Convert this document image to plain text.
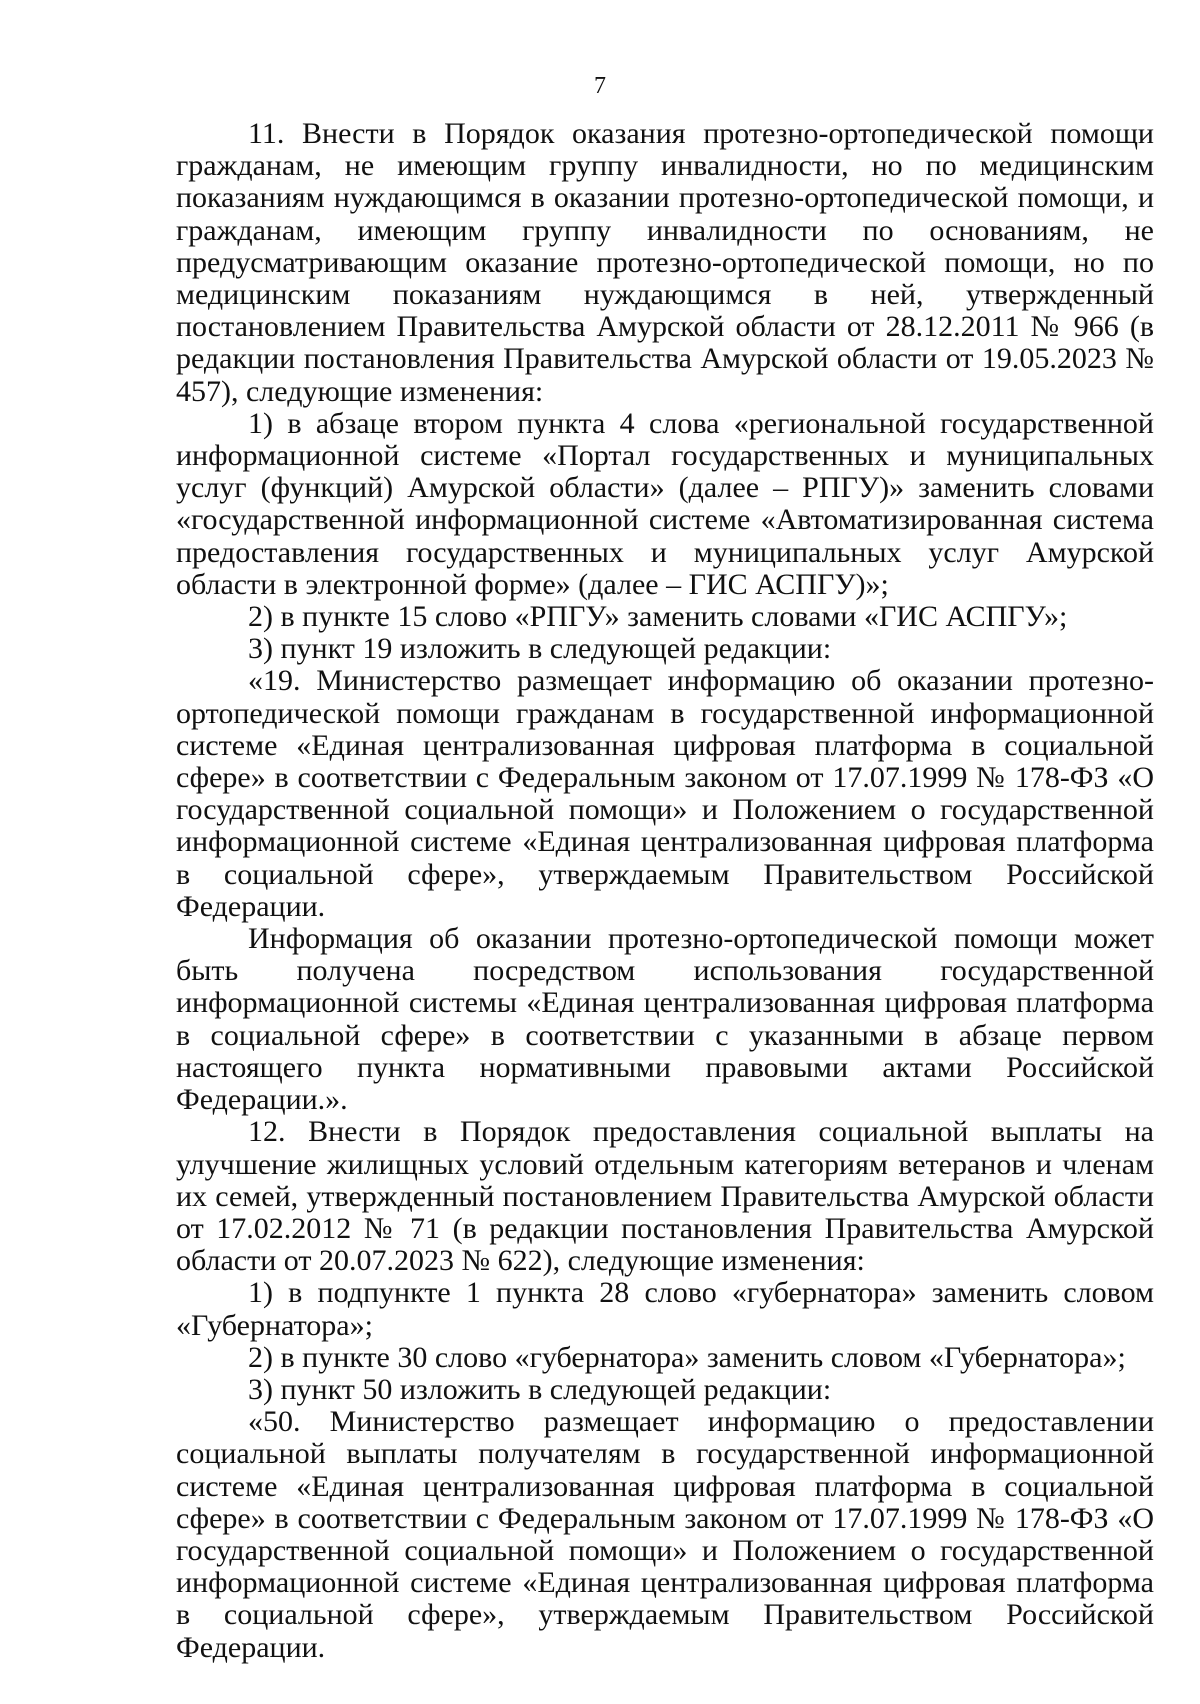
7

11. Внести в Порядок оказания протезно-ортопедической помощи гражданам, не имеющим группу инвалидности, но по медицинским показаниям нуждающимся в оказании протезно-ортопедической помощи, и гражданам, имеющим группу инвалидности по основаниям, не предусматривающим оказание протезно-ортопедической помощи, но по медицинским показаниям нуждающимся в ней, утвержденный постановлением Правительства Амурской области от 28.12.2011 № 966 (в редакции постановления Правительства Амурской области от 19.05.2023 № 457), следующие изменения:

1) в абзаце втором пункта 4 слова «региональной государственной информационной системе «Портал государственных и муниципальных услуг (функций) Амурской области» (далее – РПГУ)» заменить словами «государственной информационной системе «Автоматизированная система предоставления государственных и муниципальных услуг Амурской области в электронной форме» (далее – ГИС АСПГУ)»;

2) в пункте 15 слово «РПГУ» заменить словами «ГИС АСПГУ»;

3) пункт 19 изложить в следующей редакции:

«19. Министерство размещает информацию об оказании протезно-ортопедической помощи гражданам в государственной информационной системе «Единая централизованная цифровая платформа в социальной сфере» в соответствии с Федеральным законом от 17.07.1999 № 178-ФЗ «О государственной социальной помощи» и Положением о государственной информационной системе «Единая централизованная цифровая платформа в социальной сфере», утверждаемым Правительством Российской Федерации.

Информация об оказании протезно-ортопедической помощи может быть получена посредством использования государственной информационной системы «Единая централизованная цифровая платформа в социальной сфере» в соответствии с указанными в абзаце первом настоящего пункта нормативными правовыми актами Российской Федерации.».

12. Внести в Порядок предоставления социальной выплаты на улучшение жилищных условий отдельным категориям ветеранов и членам их семей, утвержденный постановлением Правительства Амурской области от 17.02.2012 № 71 (в редакции постановления Правительства Амурской области от 20.07.2023 № 622), следующие изменения:

1) в подпункте 1 пункта 28 слово «губернатора» заменить словом «Губернатора»;

2) в пункте 30 слово «губернатора» заменить словом «Губернатора»;

3) пункт 50 изложить в следующей редакции:

«50. Министерство размещает информацию о предоставлении социальной выплаты получателям в государственной информационной системе «Единая централизованная цифровая платформа в социальной сфере» в соответствии с Федеральным законом от 17.07.1999 № 178-ФЗ «О государственной социальной помощи» и Положением о государственной информационной системе «Единая централизованная цифровая платформа в социальной сфере», утверждаемым Правительством Российской Федерации.
